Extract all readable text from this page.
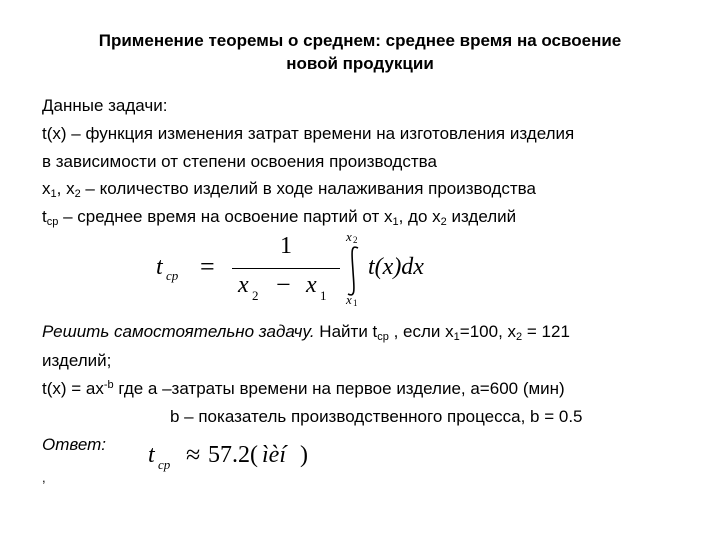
Применение теоремы о среднем: среднее время на освоение
новой продукции
Данные задачи:
t(x) – функция изменения затрат времени на изготовления изделия
в зависимости от степени освоения производства
$x_1$, $x_2$ – количество изделий в ходе налаживания производства
$t_{ср}$ – среднее время на освоение партий от $x_1$, до $x_2$ изделий
t cp =
1
x 2 − x 1
x 2
x 1
t(x)dx
Решить самостоятельно задачу. Найти $t_{ср}$ , если $x_1=100$, $x_2 = 121$
изделий;
$t(x) = ax^{-b}$ где a –затраты времени на первое изделие, a=600 (мин)
b – показатель производственного процесса, b = 0.5
Ответ: t cp ≈ 57.2( ìèí )
,
